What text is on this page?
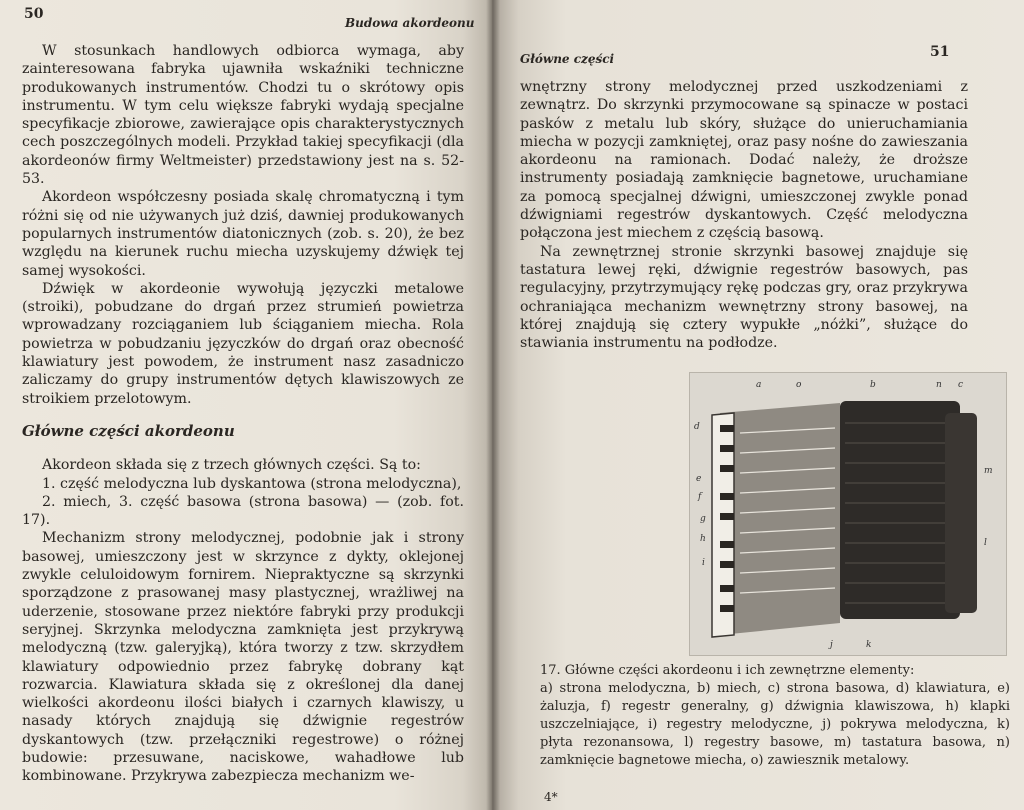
50
Budowa akordeonu

W stosunkach handlowych odbiorca wymaga, aby zainteresowana fabryka ujawniła wskaźniki techniczne produkowanych instrumentów. Chodzi tu o skrótowy opis instrumentu. W tym celu większe fabryki wydają specjalne specyfikacje zbiorowe, zawierające opis charakterystycznych cech poszczególnych modeli. Przykład takiej specyfikacji (dla akordeonów firmy Weltmeister) przedstawiony jest na s. 52-53.

Akordeon współczesny posiada skalę chromatyczną i tym różni się od nie używanych już dziś, dawniej produkowanych popularnych instrumentów diatonicznych (zob. s. 20), że bez względu na kierunek ruchu miecha uzyskujemy dźwięk tej samej wysokości.

Dźwięk w akordeonie wywołują języczki metalowe (stroiki), pobudzane do drgań przez strumień powietrza wprowadzany rozciąganiem lub ściąganiem miecha. Rola powietrza w pobudzaniu języczków do drgań oraz obecność klawiatury jest powodem, że instrument nasz zasadniczo zaliczamy do grupy instrumentów dętych klawiszowych ze stroikiem przelotowym.

Główne części akordeonu

Akordeon składa się z trzech głównych części. Są to:

1. część melodyczna lub dyskantowa (strona melodyczna),

2. miech, 3. część basowa (strona basowa) — (zob. fot. 17).

Mechanizm strony melodycznej, podobnie jak i strony basowej, umieszczony jest w skrzynce z dykty, oklejonej zwykle celuloidowym fornirem. Niepraktyczne są skrzynki sporządzone z prasowanej masy plastycznej, wrażliwej na uderzenie, stosowane przez niektóre fabryki przy produkcji seryjnej. Skrzynka melodyczna zamknięta jest przykrywą melodyczną (tzw. galeryjką), która tworzy z tzw. skrzydłem klawiatury odpowiednio przez fabrykę dobrany kąt rozwarcia. Klawiatura składa się z określonej dla danej wielkości akordeonu ilości białych i czarnych klawiszy, u nasady których znajdują się dźwignie regestrów dyskantowych (tzw. przełączniki regestrowe) o różnej budowie: przesuwane, naciskowe, wahadłowe lub kombinowane. Przykrywa zabezpiecza mechanizm we-

Główne części	51

wnętrzny strony melodycznej przed uszkodzeniami z zewnątrz. Do skrzynki przymocowane są spinacze w postaci pasków z metalu lub skóry, służące do unieruchamiania miecha w pozycji zamkniętej, oraz pasy nośne do zawieszania akordeonu na ramionach. Dodać należy, że droższe instrumenty posiadają zamknięcie bagnetowe, uruchamiane za pomocą specjalnej dźwigni, umieszczonej zwykle ponad dźwigniami regestrów dyskantowych. Część melodyczna połączona jest miechem z częścią basową.

Na zewnętrznej stronie skrzynki basowej znajduje się tastatura lewej ręki, dźwignie regestrów basowych, pas regulacyjny, przytrzymujący rękę podczas gry, oraz przykrywa ochraniająca mechanizm wewnętrzny strony basowej, na której znajdują się cztery wypukłe „nóżki”, służące do stawiania instrumentu na podłodze.

a	o	b	n c
d
m
e
f
g
h	l
i
j	k
17. Główne części akordeonu i ich zewnętrzne elementy:
a) strona melodyczna, b) miech, c) strona basowa, d) klawiatura, e) żaluzja, f) regestr generalny, g) dźwignia klawiszowa, h) klapki uszczelniające, i) regestry melodyczne, j) pokrywa melodyczna, k) płyta rezonansowa, l) regestry basowe, m) tastatura basowa, n) zamknięcie bagnetowe miecha, o) zawiesznik metalowy.
4*
